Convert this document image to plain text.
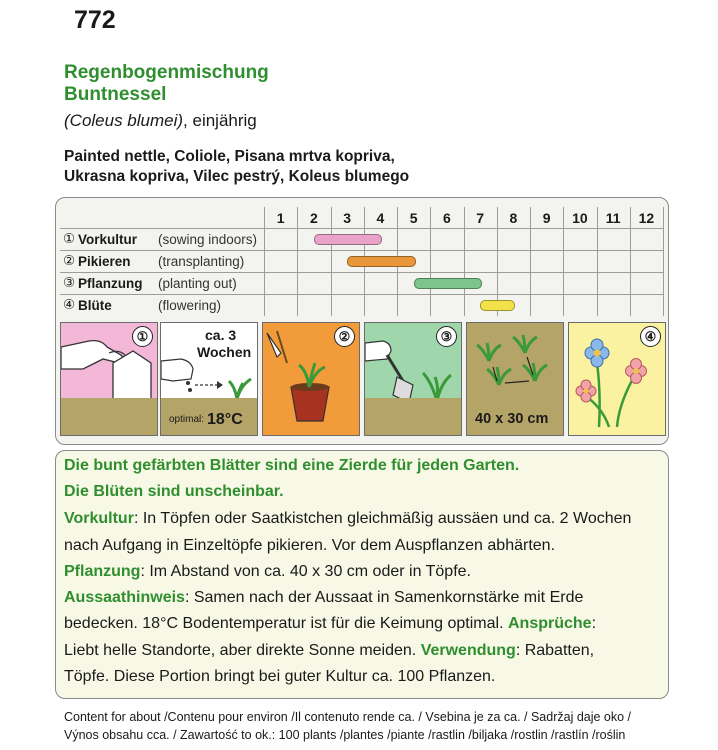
772
Regenbogenmischung
Buntnessel
(Coleus blumei), einjährig
Painted nettle, Coliole, Pisana mrtva kopriva,
Ukrasna kopriva, Vilec pestrý, Koleus blumego
1	2	3	4	5	6	7	8	9	10	11	12
① Vorkultur	(sowing indoors)
② Pikieren	(transplanting)
③ Pflanzung	(planting out)
④ Blüte	(flowering)
①	ca. 3
Wochen
optimal: 18°C
②	③
40 x 30 cm
④
Die bunt gefärbten Blätter sind eine Zierde für jeden Garten.
Die Blüten sind unscheinbar.
Vorkultur: In Töpfen oder Saatkistchen gleichmäßig aussäen und ca. 2 Wochen
nach Aufgang in Einzeltöpfe pikieren. Vor dem Auspflanzen abhärten.
Pflanzung: Im Abstand von ca. 40 x 30 cm oder in Töpfe.
Aussaathinweis: Samen nach der Aussaat in Samenkornstärke mit Erde
bedecken. 18°C Bodentemperatur ist für die Keimung optimal. Ansprüche:
Liebt helle Standorte, aber direkte Sonne meiden. Verwendung: Rabatten,
Töpfe. Diese Portion bringt bei guter Kultur ca. 100 Pflanzen.
Content for about /Contenu pour environ /Il contenuto rende ca. / Vsebina je za ca. / Sadržaj daje oko /
Výnos obsahu cca. / Zawartość to ok.: 100 plants /plantes /piante /rastlin /biljaka /rostlin /rastlín /roślin
